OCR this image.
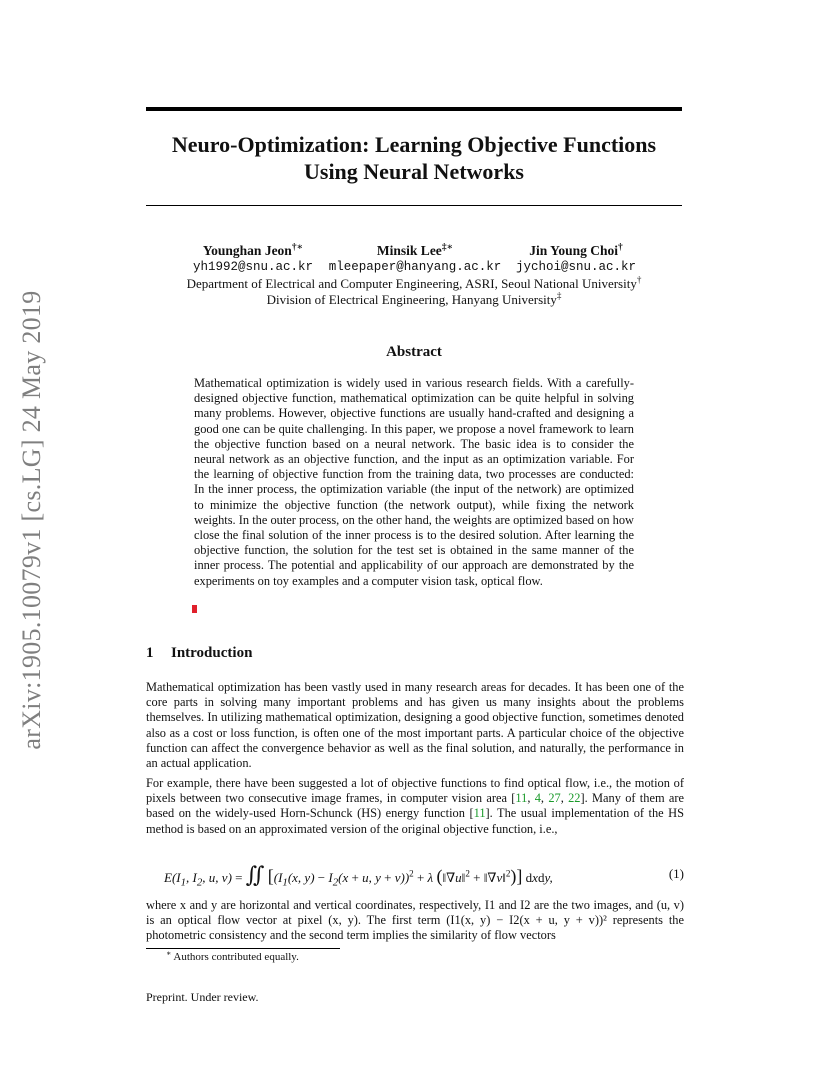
arXiv:1905.10079v1 [cs.LG] 24 May 2019
Neuro-Optimization: Learning Objective Functions
Using Neural Networks
Younghan Jeon†∗
yh1992@snu.ac.kr
Minsik Lee‡∗
mleepaper@hanyang.ac.kr
Jin Young Choi†
jychoi@snu.ac.kr
Department of Electrical and Computer Engineering, ASRI, Seoul National University†
Division of Electrical Engineering, Hanyang University‡
Abstract
Mathematical optimization is widely used in various research fields. With a carefully-designed objective function, mathematical optimization can be quite helpful in solving many problems. However, objective functions are usually hand-crafted and designing a good one can be quite challenging. In this paper, we propose a novel framework to learn the objective function based on a neural network. The basic idea is to consider the neural network as an objective function, and the input as an optimization variable. For the learning of objective function from the training data, two processes are conducted: In the inner process, the optimization variable (the input of the network) are optimized to minimize the objective function (the network output), while fixing the network weights. In the outer process, on the other hand, the weights are optimized based on how close the final solution of the inner process is to the desired solution. After learning the objective function, the solution for the test set is obtained in the same manner of the inner process. The potential and applicability of our approach are demonstrated by the experiments on toy examples and a computer vision task, optical flow.
1 Introduction
Mathematical optimization has been vastly used in many research areas for decades. It has been one of the core parts in solving many important problems and has given us many insights about the problems themselves. In utilizing mathematical optimization, designing a good objective function, sometimes denoted also as a cost or loss function, is often one of the most important parts. A particular choice of the objective function can affect the convergence behavior as well as the final solution, and naturally, the performance in an actual application.
For example, there have been suggested a lot of objective functions to find optical flow, i.e., the motion of pixels between two consecutive image frames, in computer vision area [11, 4, 27, 22]. Many of them are based on the widely-used Horn-Schunck (HS) energy function [11]. The usual implementation of the HS method is based on an approximated version of the original objective function, i.e.,
$E(I_1$, $I_2$, u, v) = ∬ [($I_1(x$, $y) - I_2(x + u$, y + v))$^2$ + λ (‖∇u‖$^2$ + ‖∇v‖$^2$)] dxdy,	(1)
where x and y are horizontal and vertical coordinates, respectively, I1 and I2 are the two images, and (u, v) is an optical flow vector at pixel (x, y). The first term (I1(x, y) − I2(x + u, y + v))² represents the photometric consistency and the second term implies the similarity of flow vectors
∗ Authors contributed equally.
Preprint. Under review.
